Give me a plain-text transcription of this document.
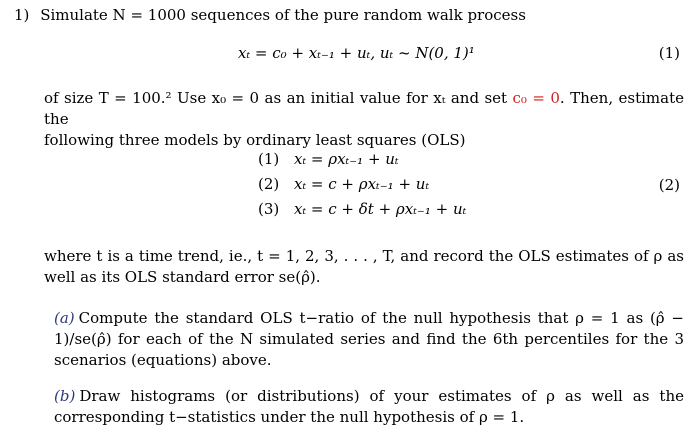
1) Simulate N = 1000 sequences of the pure random walk process
xₜ = c₀ + xₜ₋₁ + uₜ, uₜ ~ N(0, 1)¹	(1)
of size T = 100.² Use x₀ = 0 as an initial value for xₜ and set c₀ = 0. Then, estimate the
following three models by ordinary least squares (OLS)
(1) xₜ = ρxₜ₋₁ + uₜ
(2) xₜ = c + ρxₜ₋₁ + uₜ
(3) xₜ = c + δt + ρxₜ₋₁ + uₜ
(2)
where t is a time trend, ie., t = 1, 2, 3, . . . , T, and record the OLS estimates of ρ as well as its OLS standard error se(ρ̂).
(a) Compute the standard OLS t−ratio of the null hypothesis that ρ = 1 as (ρ̂ − 1)/se(ρ̂) for each of the N simulated series and find the 6th percentiles for the 3 scenarios (equations) above.
(b) Draw histograms (or distributions) of your estimates of ρ as well as the corresponding t−statistics under the null hypothesis of ρ = 1.
